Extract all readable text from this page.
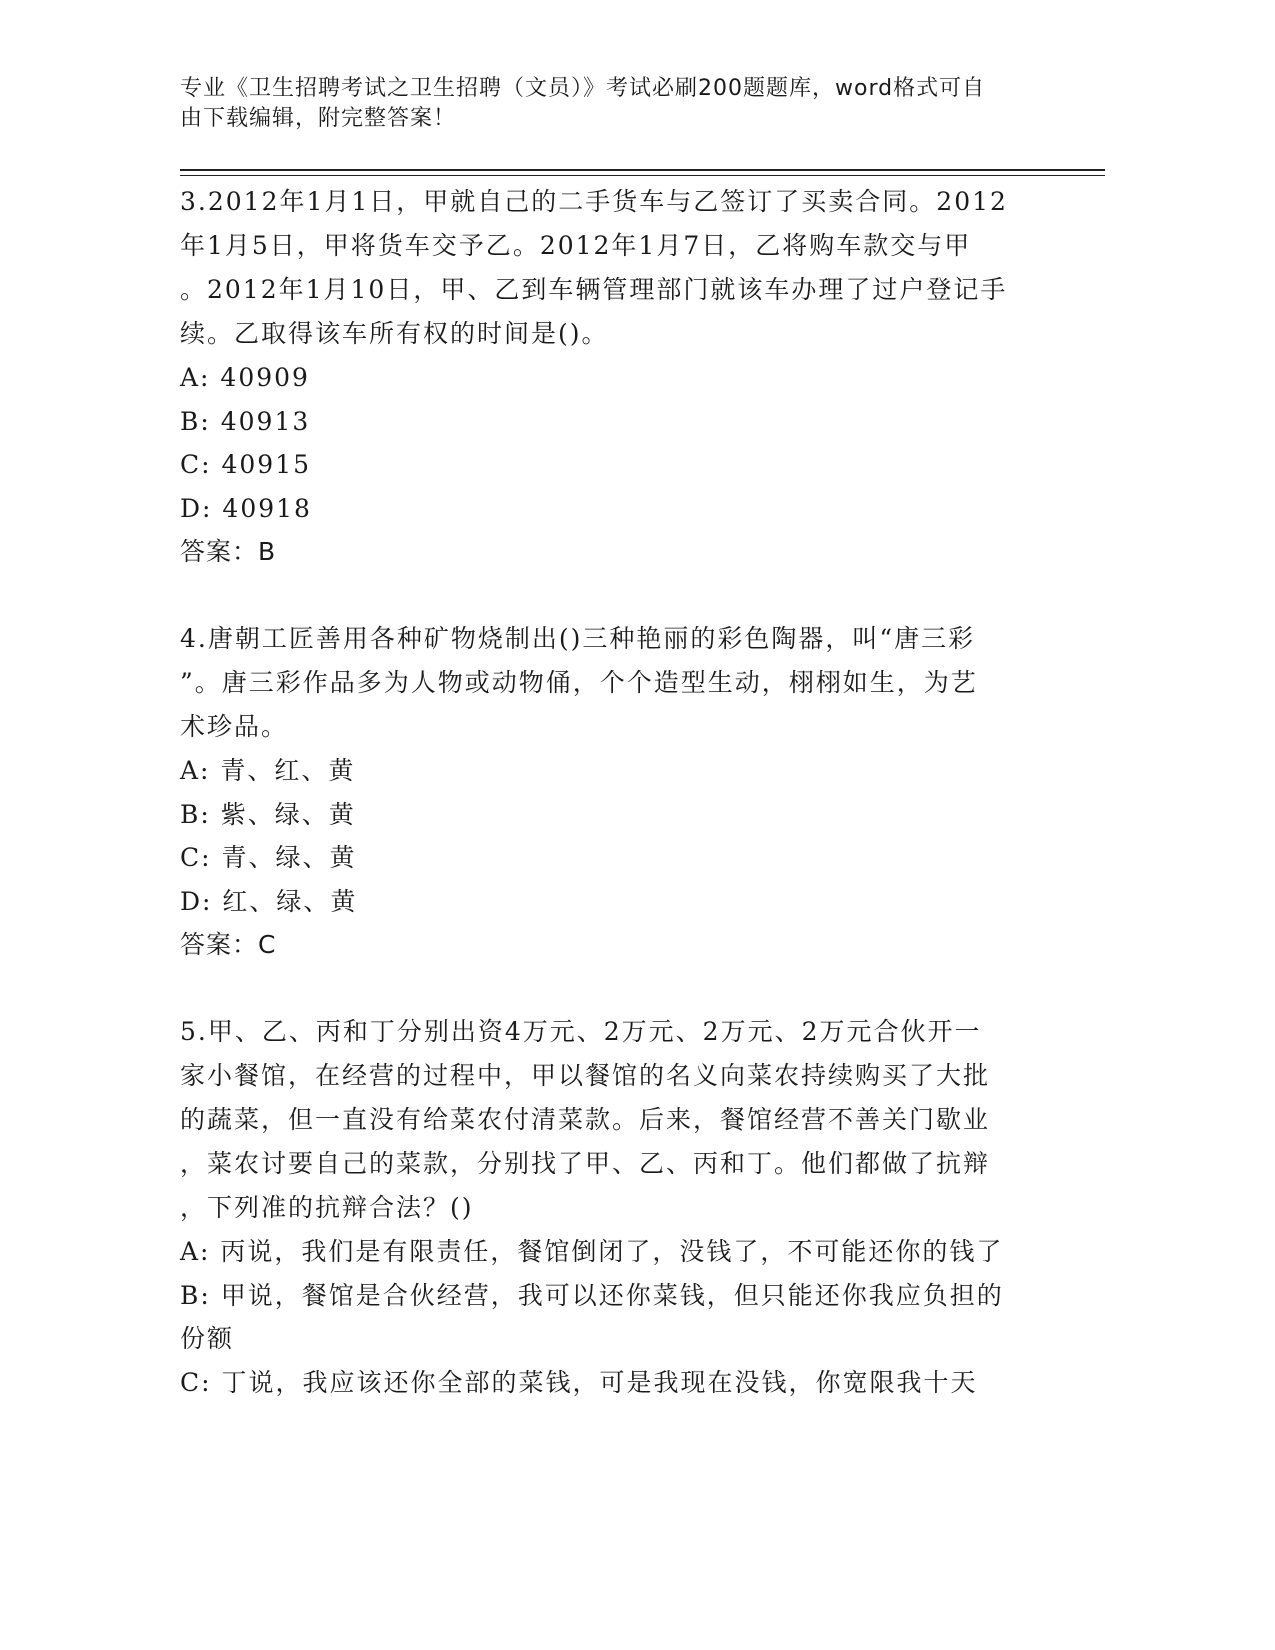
专业《卫生招聘考试之卫生招聘（文员）》考试必刷200题题库，word格式可自
由下载编辑，附完整答案！
3.2012年1月1日，甲就自己的二手货车与乙签订了买卖合同。2012
年1月5日，甲将货车交予乙。2012年1月7日，乙将购车款交与甲
。2012年1月10日，甲、乙到车辆管理部门就该车办理了过户登记手
续。乙取得该车所有权的时间是()。
A: 40909
B: 40913
C: 40915
D: 40918
答案：B
4.唐朝工匠善用各种矿物烧制出()三种艳丽的彩色陶器，叫“唐三彩
”。唐三彩作品多为人物或动物俑，个个造型生动，栩栩如生，为艺
术珍品。
A: 青、红、黄
B: 紫、绿、黄
C: 青、绿、黄
D: 红、绿、黄
答案：C
5.甲、乙、丙和丁分别出资4万元、2万元、2万元、2万元合伙开一
家小餐馆，在经营的过程中，甲以餐馆的名义向菜农持续购买了大批
的蔬菜，但一直没有给菜农付清菜款。后来，餐馆经营不善关门歇业
，菜农讨要自己的菜款，分别找了甲、乙、丙和丁。他们都做了抗辩
，下列准的抗辩合法？()
A: 丙说，我们是有限责任，餐馆倒闭了，没钱了，不可能还你的钱了
B: 甲说，餐馆是合伙经营，我可以还你菜钱，但只能还你我应负担的
份额
C: 丁说，我应该还你全部的菜钱，可是我现在没钱，你宽限我十天
